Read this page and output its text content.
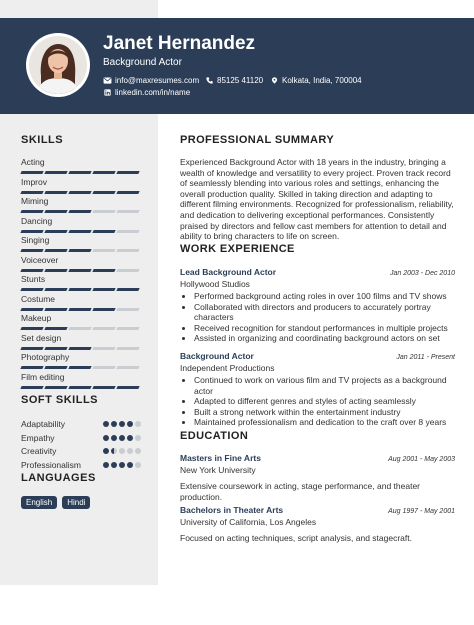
Janet Hernandez
Background Actor
info@maxresumes.com 85125 41120 Kolkata, India, 700004
linkedin.com/in/name
SKILLS
Acting
Improv
Miming
Dancing
Singing
Voiceover
Stunts
Costume
Makeup
Set design
Photography
Film editing
SOFT SKILLS
Adaptability
Empathy
Creativity
Professionalism
LANGUAGES
English	Hindi
PROFESSIONAL SUMMARY
Experienced Background Actor with 18 years in the industry, bringing a wealth of knowledge and versatility to every project. Proven track record of seamlessly blending into various roles and settings, enhancing the overall production quality. Skilled in taking direction and adapting to different filming environments. Recognized for professionalism, reliability, and dedication to delivering exceptional performances. Consistently praised by directors and fellow cast members for attention to detail and ability to bring characters to life on screen.
WORK EXPERIENCE
Lead Background Actor	Jan 2003 - Dec 2010
Hollywood Studios
• Performed background acting roles in over 100 films and TV shows
• Collaborated with directors and producers to accurately portray characters
• Received recognition for standout performances in multiple projects
• Assisted in organizing and coordinating background actors on set
Background Actor	Jan 2011 - Present
Independent Productions
• Continued to work on various film and TV projects as a background actor
• Adapted to different genres and styles of acting seamlessly
• Built a strong network within the entertainment industry
• Maintained professionalism and dedication to the craft over 8 years
EDUCATION
Masters in Fine Arts	Aug 2001 - May 2003
New York University
Extensive coursework in acting, stage performance, and theater production.
Bachelors in Theater Arts	Aug 1997 - May 2001
University of California, Los Angeles
Focused on acting techniques, script analysis, and stagecraft.
